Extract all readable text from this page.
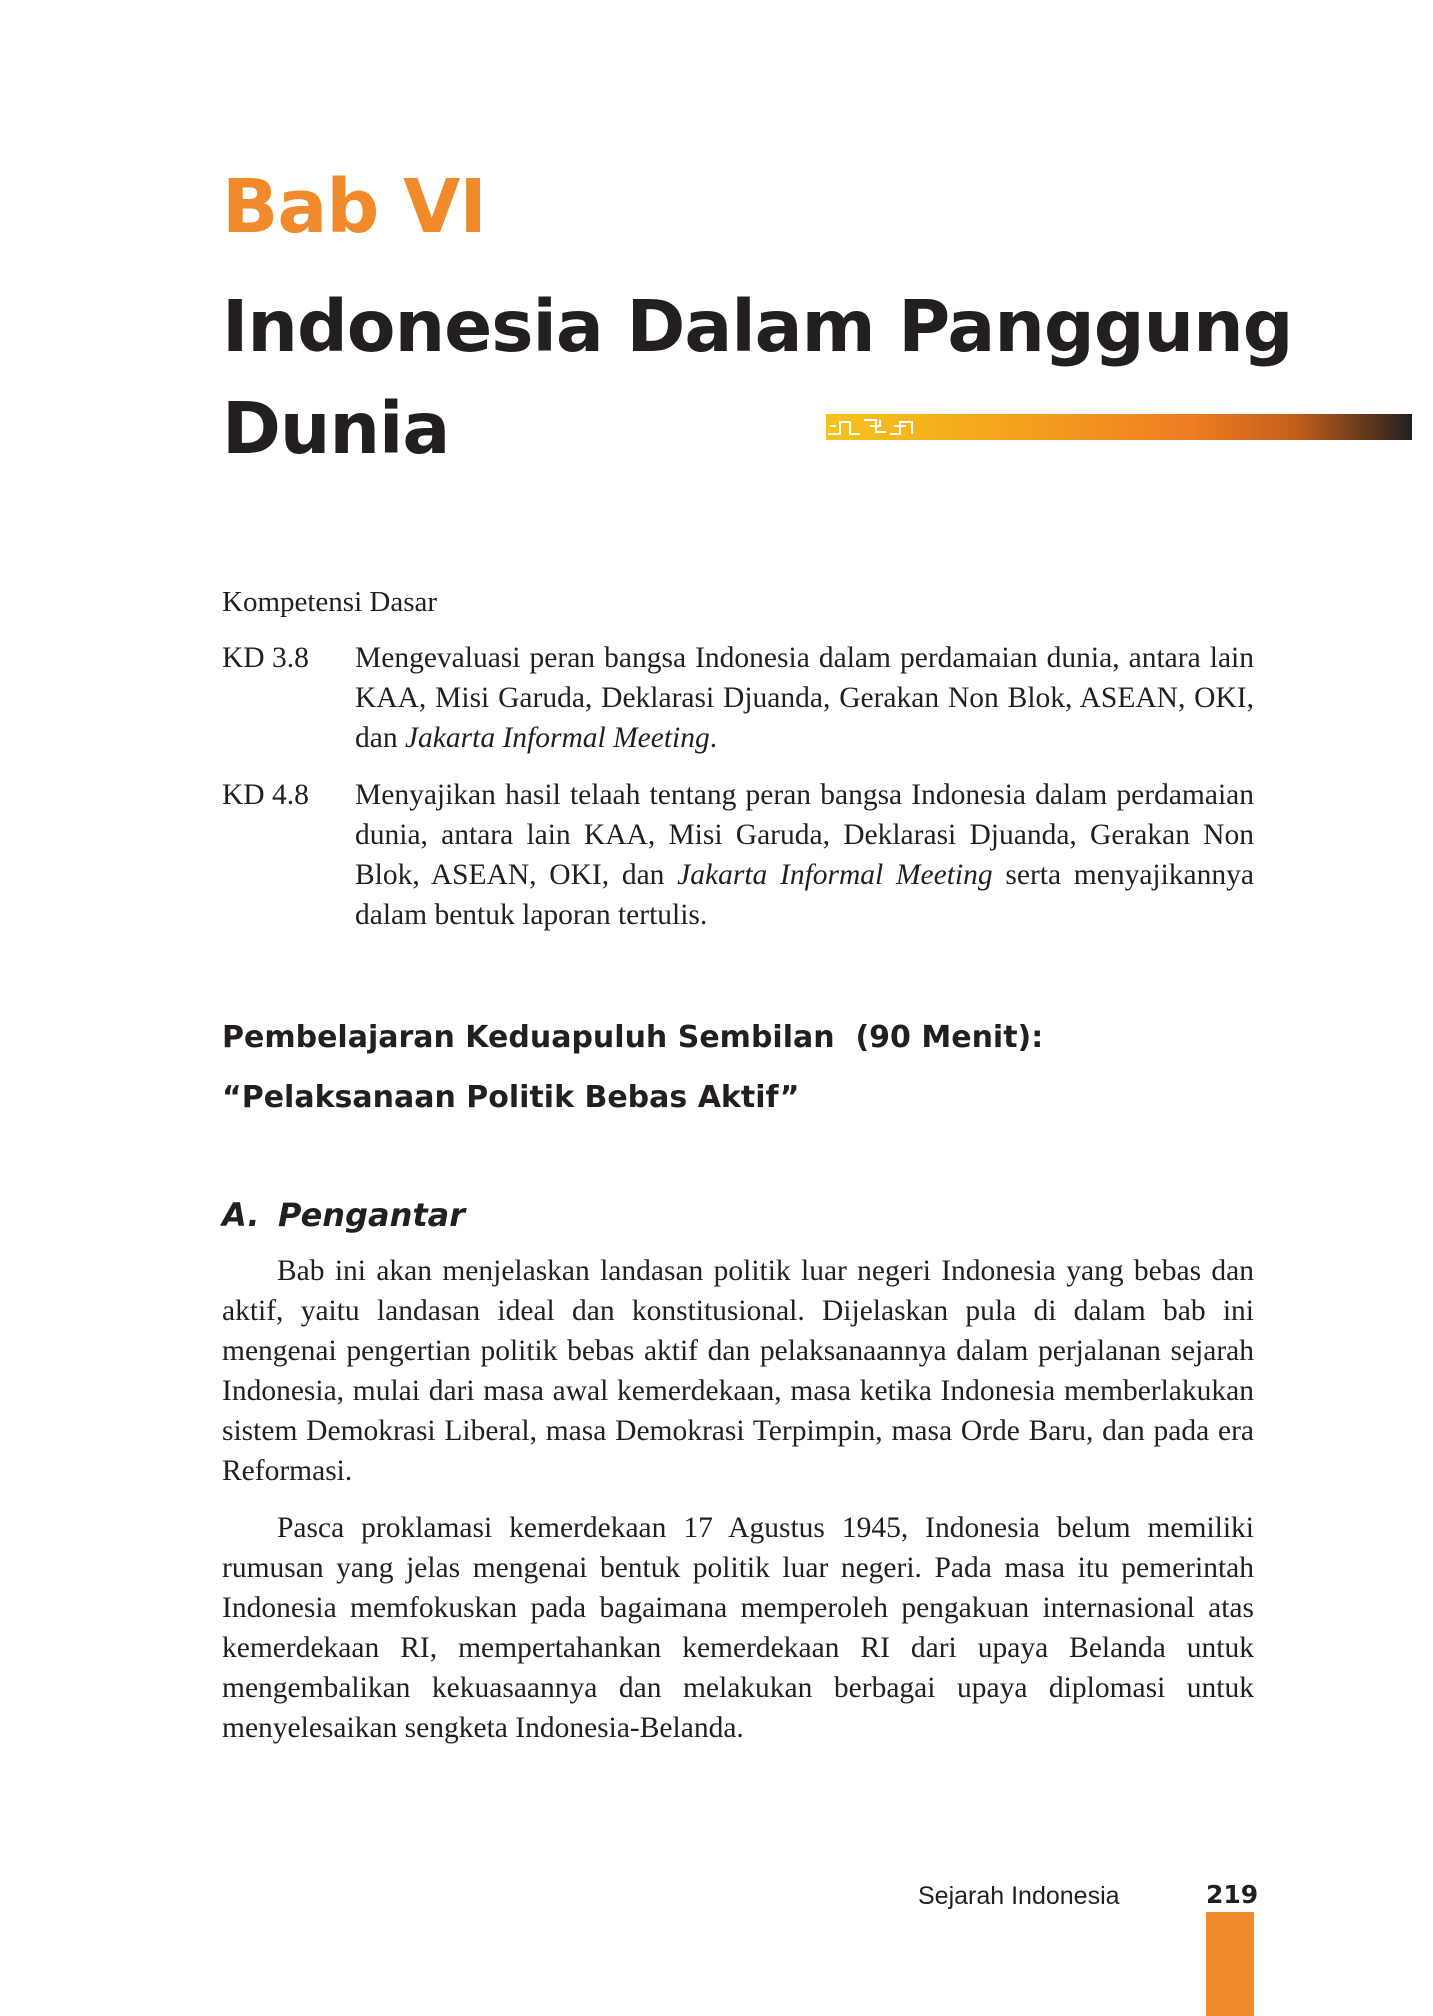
Bab VI
Indonesia Dalam Panggung
Dunia

Kompetensi Dasar

KD 3.8 Mengevaluasi peran bangsa Indonesia dalam perdamaian dunia, antara lain KAA, Misi Garuda, Deklarasi Djuanda, Gerakan Non Blok, ASEAN, OKI, dan Jakarta Informal Meeting.
KD 4.8 Menyajikan hasil telaah tentang peran bangsa Indonesia dalam perdamaian dunia, antara lain KAA, Misi Garuda, Deklarasi Djuanda, Gerakan Non Blok, ASEAN, OKI, dan Jakarta Informal Meeting serta menyajikannya dalam bentuk laporan tertulis.
Pembelajaran Keduapuluh Sembilan  (90 Menit):
“Pelaksanaan Politik Bebas Aktif”
A. Pengantar

Bab ini akan menjelaskan landasan politik luar negeri Indonesia yang bebas dan aktif, yaitu landasan ideal dan konstitusional. Dijelaskan pula di dalam bab ini mengenai pengertian politik bebas aktif dan pelaksanaannya dalam perjalanan sejarah Indonesia, mulai dari masa awal kemerdekaan, masa ketika Indonesia memberlakukan sistem Demokrasi Liberal, masa Demokrasi Terpimpin, masa Orde Baru, dan pada era Reformasi.

Pasca proklamasi kemerdekaan 17 Agustus 1945, Indonesia belum memiliki rumusan yang jelas mengenai bentuk politik luar negeri. Pada masa itu pemerintah Indonesia memfokuskan pada bagaimana memperoleh pengakuan internasional atas kemerdekaan RI, mempertahankan kemerdekaan RI dari upaya Belanda untuk mengembalikan kekuasaannya dan melakukan berbagai upaya diplomasi untuk menyelesaikan sengketa Indonesia-Belanda.

Sejarah Indonesia	219
